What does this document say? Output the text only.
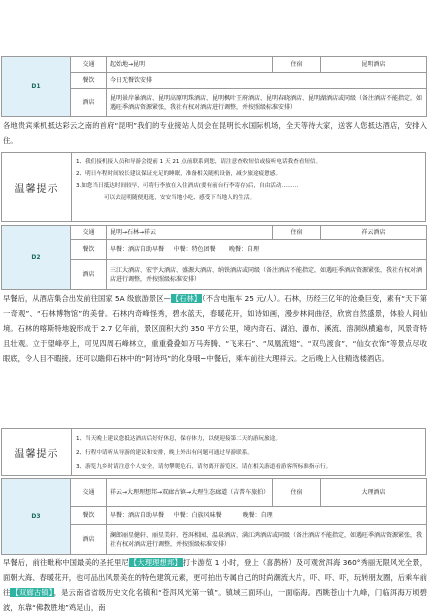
D1	交通	起始地→昆明	住宿	昆明酒店
	餐饮	今日无餐饮安排		
	酒店	昆明景岸暴酒店、昆明高原明珠酒店、昆明枫叶王府酒店、昆明春晓酒店、昆明湖酒店或同级（备注酒店不能指定，如遇旺季酒店资源紧张，我社有权对酒店进行调整，并按照级标准安排）		
各地贵宾乘机抵达彩云之南的首府“昆明”我们的专业接站人员会在昆明长水国际机场，全天等待大家，送客人您抵达酒店，安排入住。
温馨提示
1、我们接机接人员和导游会提前 1 天 21 点前联系到您，请注意查收短信或接听电话我查看短信。
2、明日车程时间较长建议保证充足的睡眠，准备相关随机设备，减少旅途疲惫感。
3.如您当日抵达时间较早，可将行李放在入住酒店(要有前台行李寄存)后，自由活动………
可以去昆明随便逛逛，安安当地小吃、感受下当地人的生活。
D2	交通	昆明→石林→祥云	住宿	祥云酒店
	餐饮	早餐：酒店自助早餐 中餐：特色团餐 晚餐：自理		
	酒店	三江大酒店、宏宇大酒店、盛源大酒店、纳铁酒店或同级（备注酒店不能指定，如遇旺季酒店资源紧张，我社有权对酒店进行调整，并按照级标准安排）		
早餐后，从酒店集合出发前往国家 5A 级旅游景区—【石林】（不含电瓶车 25 元/人）。石林，历经三亿年的沧桑巨变，素有“天下第一奇观”、“石林博物馆”的美誉。石林内奇峰怪秀，碧水蓝天，春暖花开，如诗如画，漫步林间曲径，欣赏自然盛景，体验人间仙境。石林的喀斯特地貌形成于 2.7 亿年前，景区面积大约 350 平方公里，境内奇石、湖泊、瀑布、溪流、溶洞纵横遍布，风景奇特且壮观。立于望峰亭上，可见四周石峰林立，重重叠叠如万马奔腾、“飞来石”、“凤凰流翅”、“双鸟渡食”、“仙女衣饰”等景点尽收眼底，令人目不暇接。还可以瞻仰石林中的“阿诗玛”的化身哦~中餐后，乘车前往大理祥云。之后晚上入住精选楼酒店。
温馨提示
1、当天晚上建议您抵达酒店后好好休息，保存体力，以便迎接第二天的游玩旅途。
2、行程中请听从导游的建议和安排，晚上外出有问题可通过导游联系。
3、游览九乡时请注意个人安全，请勿攀爬危石，请勿离开游览区，请在相关游道看游客所标准指示行。
D3	交通	祥云→大理理想邦→双廊古镇→大理生态廊道（吉普车旅拍）	住宿	大理酒店
	餐饮	早餐：酒店自助早餐 中餐：白族风味餐 晚餐：自理		
	酒店	澜郎丽星健轩、丽星美轩、苍洱相园、温泉酒店、满江鸿酒店或同级（备注酒店不能指定，如遇旺季酒店资源紧张，我社有权对酒店进行调整，并按照级标准安排）		
早餐后，前往毗称中国最美的圣托里尼【大理理想邦】打卡游览 1 小时，登上（喜鹊桥）及可观赏洱海 360°秀丽无限风光全景，面朝大海、春暖花开，也可品出风景美在的特色建筑元素，更可拍出专属自己的时尚潮流大片，吓、吓、吓，玩转朋友圈，后乘车前往【双廊古镇】，是云南省省级历史文化名镇和“苍洱风光第一镇”。镇域三面环山，一面临海。西眺苍山十九峰，门临洱海万顷碧波，东靠“佛教胜地”鸡足山，南
